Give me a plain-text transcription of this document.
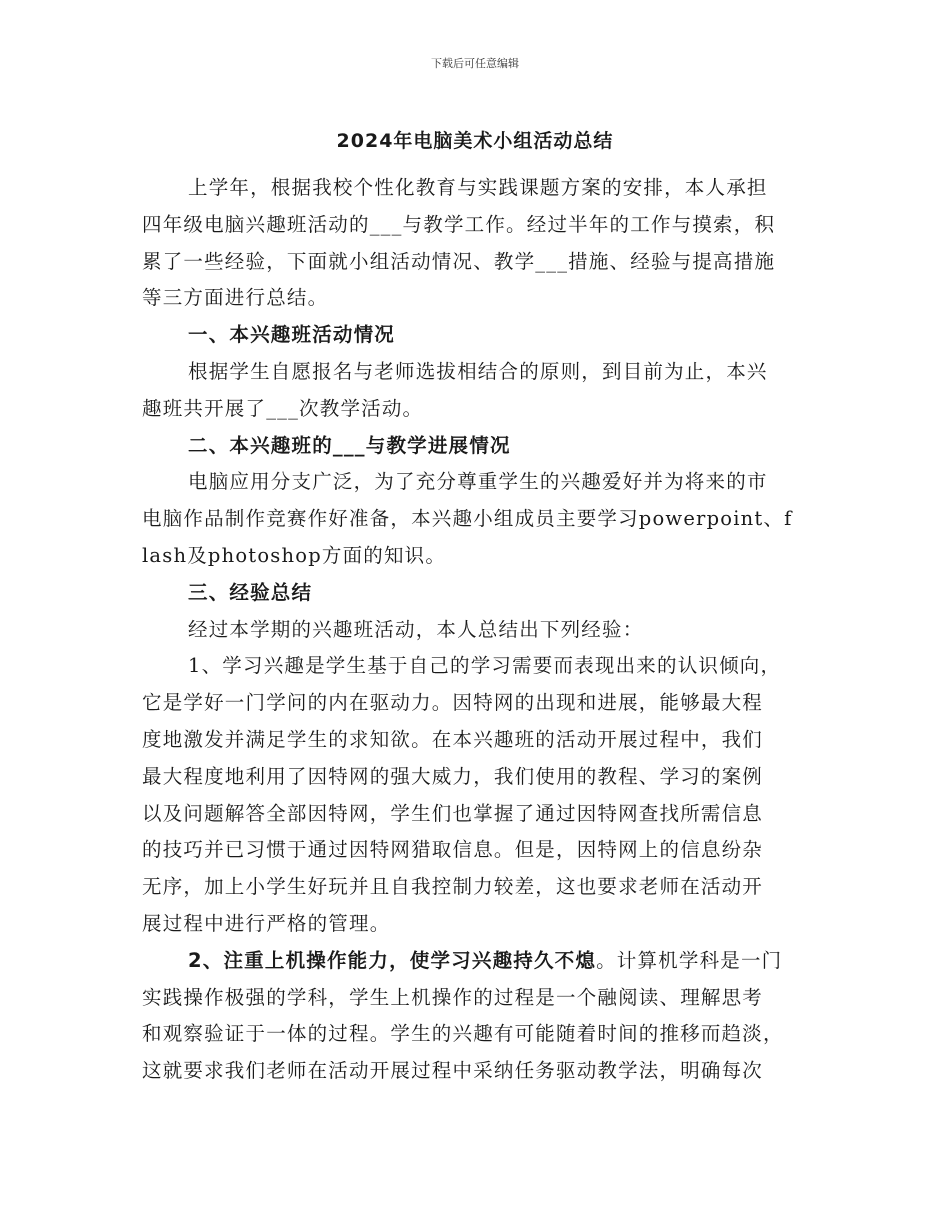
下载后可任意编辑
2024年电脑美术小组活动总结
上学年，根据我校个性化教育与实践课题方案的安排，本人承担
四年级电脑兴趣班活动的___与教学工作。经过半年的工作与摸索，积
累了一些经验，下面就小组活动情况、教学___措施、经验与提高措施
等三方面进行总结。
一、本兴趣班活动情况
根据学生自愿报名与老师选拔相结合的原则，到目前为止，本兴
趣班共开展了___次教学活动。
二、本兴趣班的___与教学进展情况
电脑应用分支广泛，为了充分尊重学生的兴趣爱好并为将来的市
电脑作品制作竞赛作好准备，本兴趣小组成员主要学习powerpoint、f
lash及photoshop方面的知识。
三、经验总结
经过本学期的兴趣班活动，本人总结出下列经验：
1、学习兴趣是学生基于自己的学习需要而表现出来的认识倾向，
它是学好一门学问的内在驱动力。因特网的出现和进展，能够最大程
度地激发并满足学生的求知欲。在本兴趣班的活动开展过程中，我们
最大程度地利用了因特网的强大威力，我们使用的教程、学习的案例
以及问题解答全部因特网，学生们也掌握了通过因特网查找所需信息
的技巧并已习惯于通过因特网猎取信息。但是，因特网上的信息纷杂
无序，加上小学生好玩并且自我控制力较差，这也要求老师在活动开
展过程中进行严格的管理。
2、注重上机操作能力，使学习兴趣持久不熄。计算机学科是一门
实践操作极强的学科，学生上机操作的过程是一个融阅读、理解思考
和观察验证于一体的过程。学生的兴趣有可能随着时间的推移而趋淡，
这就要求我们老师在活动开展过程中采纳任务驱动教学法，明确每次
